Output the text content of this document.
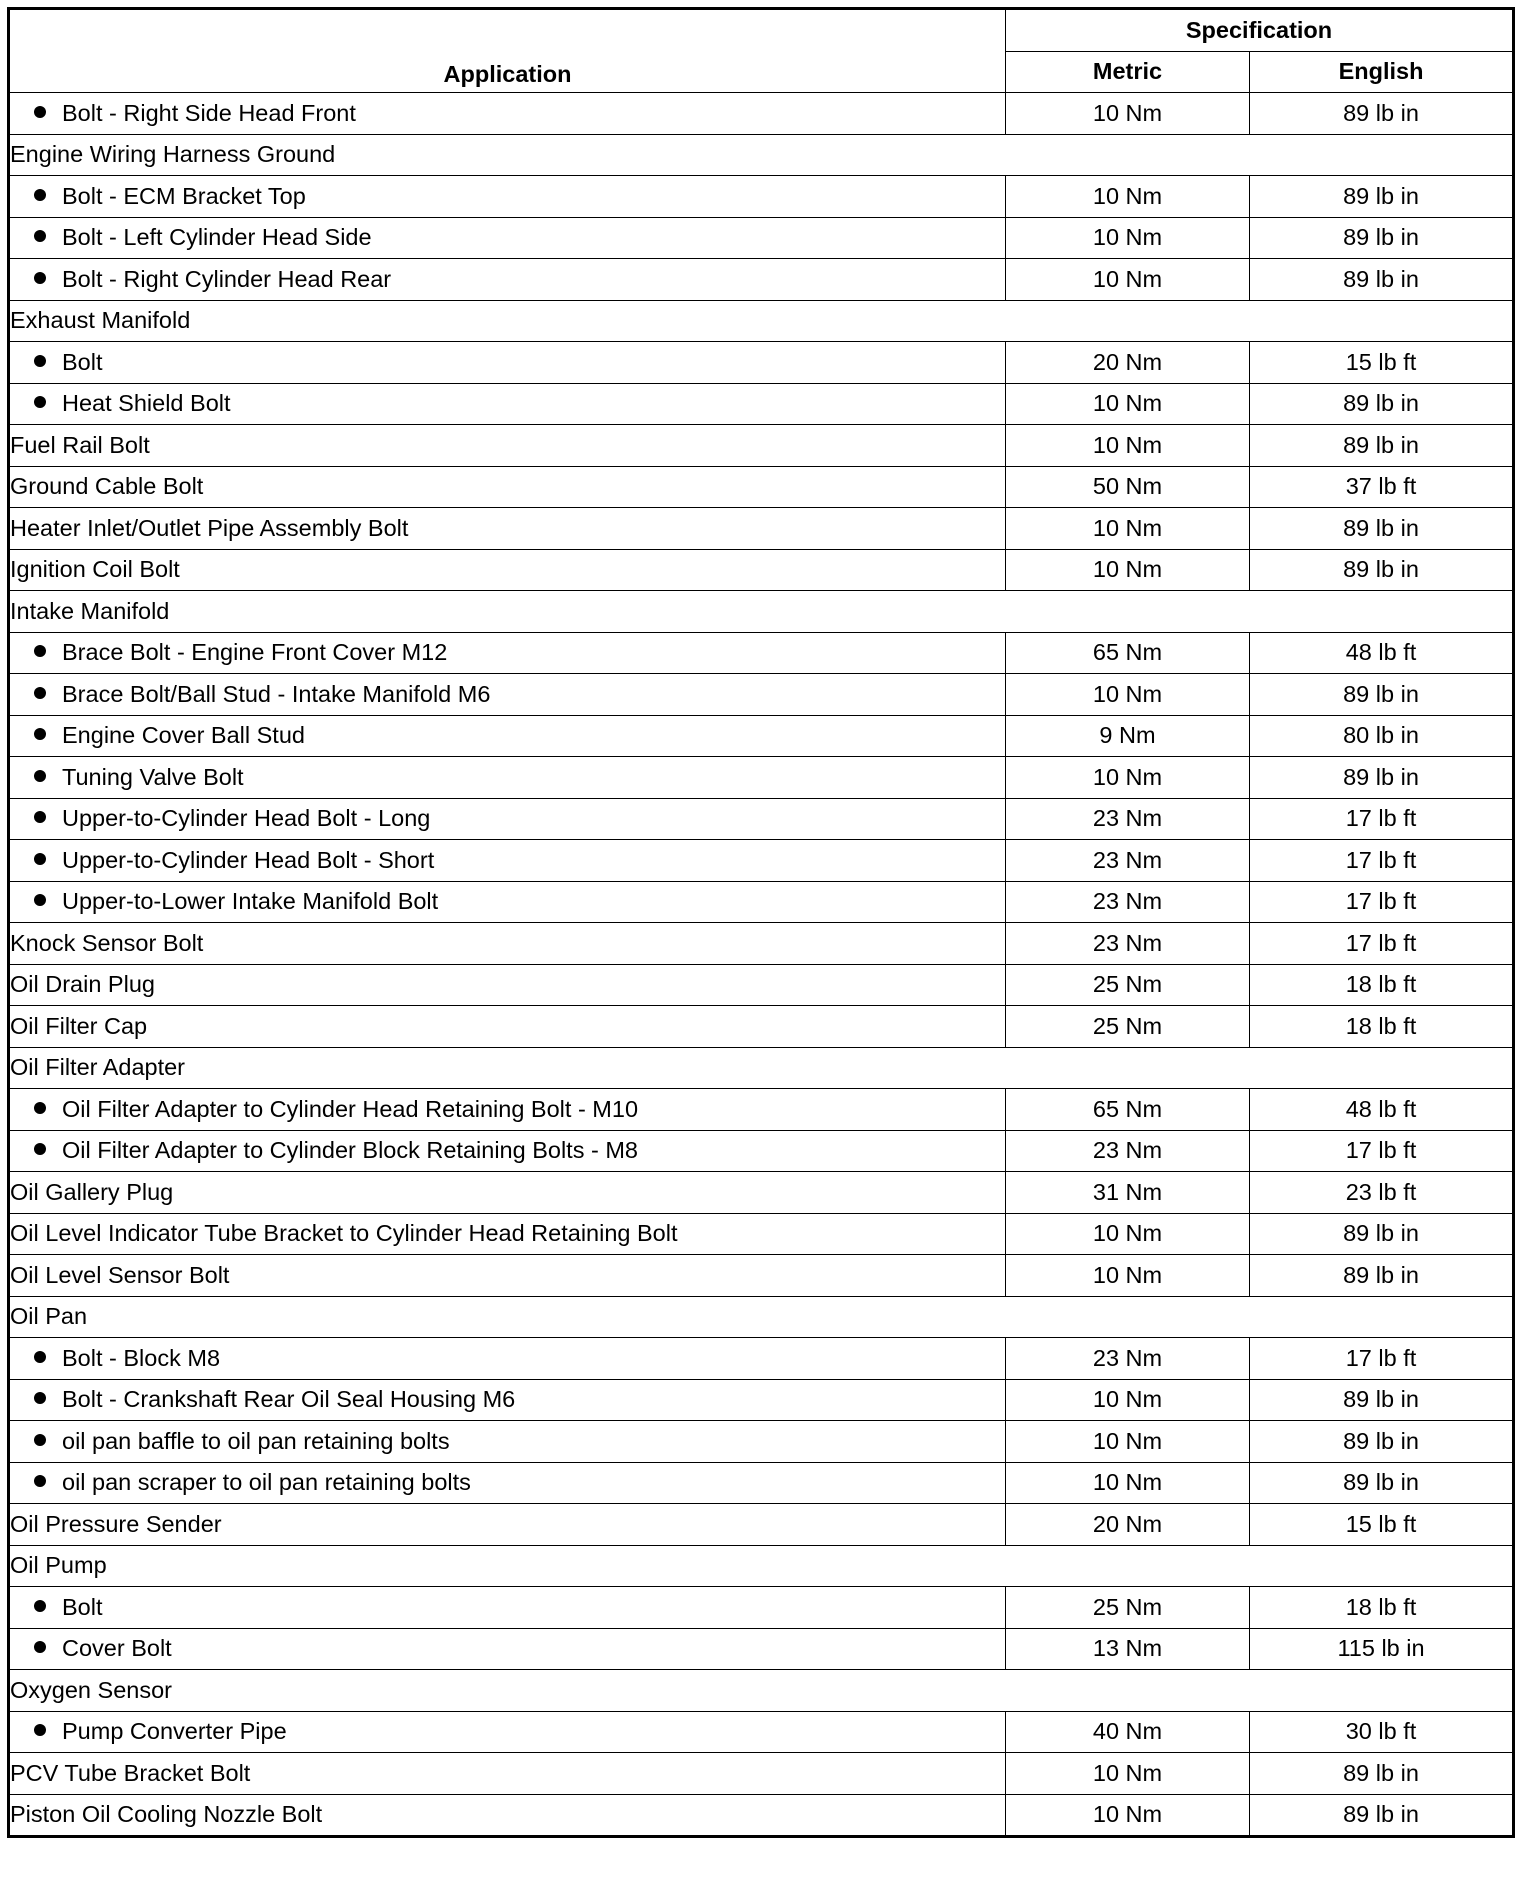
Application	Specification	
	Metric	English
Bolt - Right Side Head Front	10 Nm	89 lb in
Engine Wiring Harness Ground		
Bolt - ECM Bracket Top	10 Nm	89 lb in
Bolt - Left Cylinder Head Side	10 Nm	89 lb in
Bolt - Right Cylinder Head Rear	10 Nm	89 lb in
Exhaust Manifold		
Bolt	20 Nm	15 lb ft
Heat Shield Bolt	10 Nm	89 lb in
Fuel Rail Bolt	10 Nm	89 lb in
Ground Cable Bolt	50 Nm	37 lb ft
Heater Inlet/Outlet Pipe Assembly Bolt	10 Nm	89 lb in
Ignition Coil Bolt	10 Nm	89 lb in
Intake Manifold		
Brace Bolt - Engine Front Cover M12	65 Nm	48 lb ft
Brace Bolt/Ball Stud - Intake Manifold M6	10 Nm	89 lb in
Engine Cover Ball Stud	9 Nm	80 lb in
Tuning Valve Bolt	10 Nm	89 lb in
Upper-to-Cylinder Head Bolt - Long	23 Nm	17 lb ft
Upper-to-Cylinder Head Bolt - Short	23 Nm	17 lb ft
Upper-to-Lower Intake Manifold Bolt	23 Nm	17 lb ft
Knock Sensor Bolt	23 Nm	17 lb ft
Oil Drain Plug	25 Nm	18 lb ft
Oil Filter Cap	25 Nm	18 lb ft
Oil Filter Adapter		
Oil Filter Adapter to Cylinder Head Retaining Bolt - M10	65 Nm	48 lb ft
Oil Filter Adapter to Cylinder Block Retaining Bolts - M8	23 Nm	17 lb ft
Oil Gallery Plug	31 Nm	23 lb ft
Oil Level Indicator Tube Bracket to Cylinder Head Retaining Bolt	10 Nm	89 lb in
Oil Level Sensor Bolt	10 Nm	89 lb in
Oil Pan		
Bolt - Block M8	23 Nm	17 lb ft
Bolt - Crankshaft Rear Oil Seal Housing M6	10 Nm	89 lb in
oil pan baffle to oil pan retaining bolts	10 Nm	89 lb in
oil pan scraper to oil pan retaining bolts	10 Nm	89 lb in
Oil Pressure Sender	20 Nm	15 lb ft
Oil Pump		
Bolt	25 Nm	18 lb ft
Cover Bolt	13 Nm	115 lb in
Oxygen Sensor		
Pump Converter Pipe	40 Nm	30 lb ft
PCV Tube Bracket Bolt	10 Nm	89 lb in
Piston Oil Cooling Nozzle Bolt	10 Nm	89 lb in
